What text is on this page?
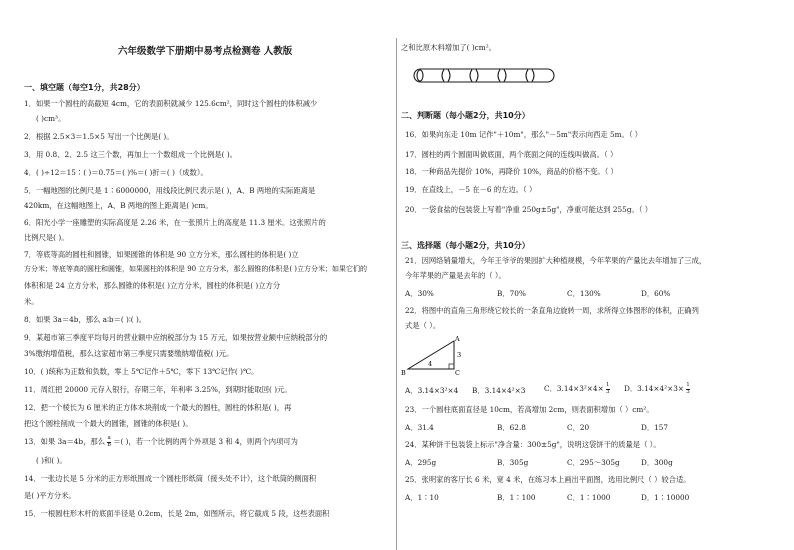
六年级数学下册期中易考点检测卷 人教版
一、填空题（每空1分，共28分）
1．如果一个圆柱的高截短 4cm，它的表面积就减少 125.6cm²，同时这个圆柱的体积减少
( )cm³。
2．根据 2.5×3＝1.5×5 写出一个比例是( )。
3．用 0.8、2、2.5 这三个数，再加上一个数组成一个比例是( )。
4．( )÷12＝15∶( )＝0.75＝( )%＝( )折＝( )（成数）。
5．一幅地图的比例尺是 1∶6000000，用线段比例尺表示是( )，A、B 两地的实际距离是
420km，在这幅地图上，A、B 两地的图上距离是( )cm。
6．阳光小学一座雕塑的实际高度是 2.26 米，在一张照片上的高度是 11.3 厘米。这张照片的
比例尺是( )。
7．等底等高的圆柱和圆锥，如果圆锥的体积是 90 立方分米，那么圆柱的体积是( )立
方分米；等底等高的圆柱和圆锥，如果圆柱的体积是 90 立方分米，那么圆锥的体积是( )立方分米；如果它们的
体积和是 24 立方分米，那么圆锥的体积是( )立方分米，圆柱的体积是( )立方分
米。
8．如果 3a＝4b，那么 a∶b＝( )∶( )。
9．某超市第三季度平均每月的营业额中应纳税部分为 15 万元，如果按营业额中应纳税部分的
3%缴纳增值税，那么这家超市第三季度只需要缴纳增值税( )元。
10．( )统称为正数和负数，零上 5℃记作＋5℃，零下 13℃记作( )℃。
11．周红把 20000 元存入银行，存期三年，年利率 3.25%，到期时能取回( )元。
12．把一个棱长为 6 厘米的正方体木块削成一个最大的圆柱，圆柱的体积是( )，再
把这个圆柱削成一个最大的圆锥，圆锥的体积是( )。
13．如果 3a＝4b，那么 $\frac{a}{b}$ ＝( )，若一个比例的两个外项是 3 和 4，则两个内项可为
( )和( )。
14．一张边长是 5 分米的正方形纸围成一个圆柱形纸筒（接头处不计），这个纸筒的侧面积
是( )平方分米。
15．一根圆柱形木杆的底面半径是 0.2cm，长是 2m，如图所示，将它截成 5 段，这些表面积
之和比原木料增加了( )cm²。
二、判断题（每小题2分，共10分）
16．如果向东走 10m 记作"＋10m"，那么"－5m"表示向西走 5m。（ ）
17．圆柱的两个圆面叫做底面，两个底面之间的连线叫做高。（ ）
18．一种商品先提价 10%，再降价 10%，商品的价格不变。（ ）
19．在直线上，－5 在－6 的左边。（ ）
20．一袋食盐的包装袋上写着"净重 250g±5g"，净重可能达到 255g。（ ）
三、选择题（每小题2分，共10分）
21．因网络销量增大，今年王爷爷的果园扩大种植规模，今年苹果的产量比去年增加了三成，
今年苹果的产量是去年的（ ）。
A．30%	B．70%	C．130%	D．60%
22．将图中的直角三角形绕它较长的一条直角边旋转一周，求所得立体图形的体积，正确列
式是（ ）。
A
B	C
3
4
A．3.14×3²×4 B．3.14×4²×3	C．$3.14\times 3^2\times 4\times \frac{1}{3}$ D．$3.14\times 4^2\times 3\times \frac{1}{3}$
23．一个圆柱底面直径是 10cm，若高增加 2cm，则表面积增加（ ）cm²。
A．31.4	B．62.8	C．20	D．157
24．某种饼干包装袋上标示"净含量：300±5g"，说明这袋饼干的质量是（ ）。
A．295g	B．305g	C．295～305g	D．300g
25．张明家的客厅长 6 米，宽 4 米，在练习本上画出平面图，选用比例尺（ ）较合适。
A．1∶10	B．1∶100	C．1∶1000	D．1∶10000
